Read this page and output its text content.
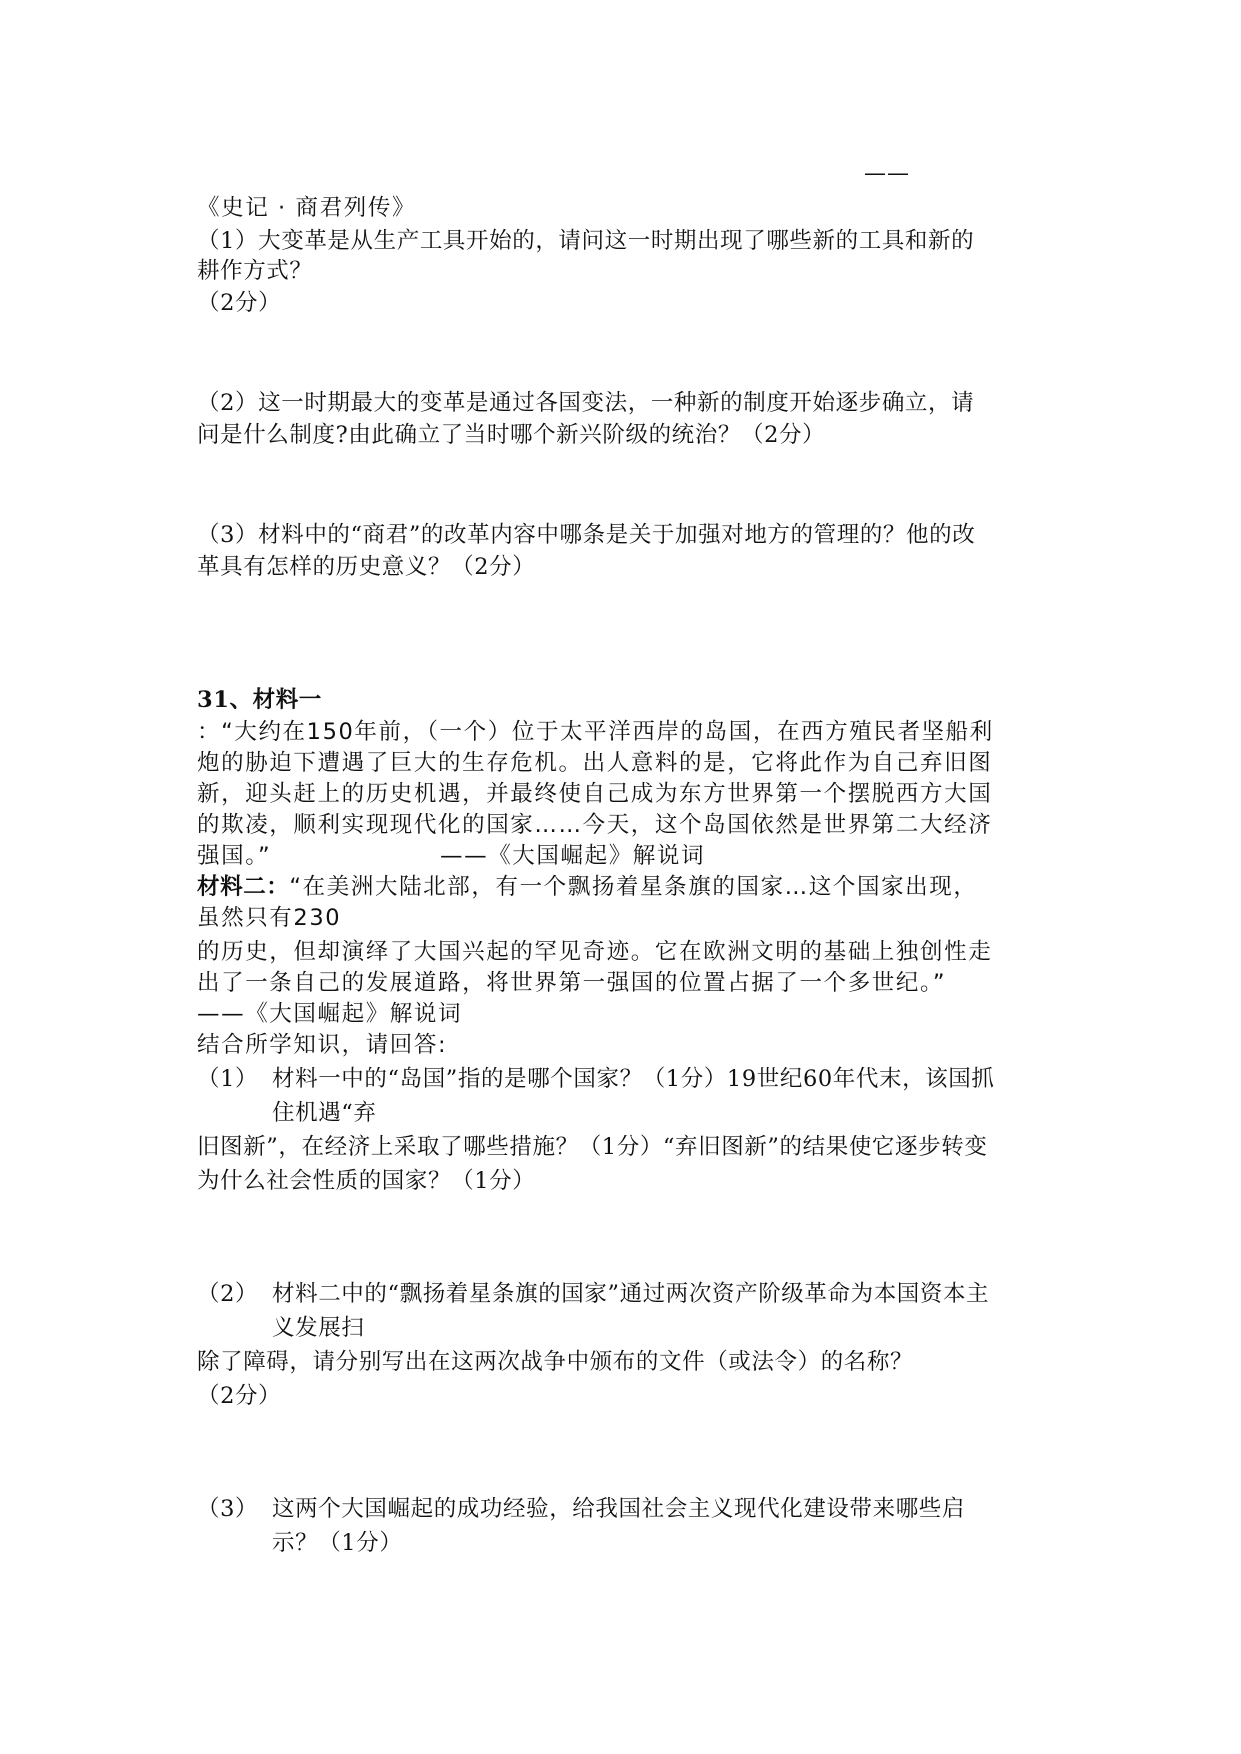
——
《史记 · 商君列传》
（1）大变革是从生产工具开始的，请问这一时期出现了哪些新的工具和新的
耕作方式？
（2分）
（2）这一时期最大的变革是通过各国变法，一种新的制度开始逐步确立，请
问是什么制度?由此确立了当时哪个新兴阶级的统治？（2分）
（3）材料中的“商君”的改革内容中哪条是关于加强对地方的管理的？他的改
革具有怎样的历史意义？（2分）
31、材料一
：“大约在150年前，（一个）位于太平洋西岸的岛国，在西方殖民者坚船利
炮的胁迫下遭遇了巨大的生存危机。出人意料的是，它将此作为自己弃旧图
新，迎头赶上的历史机遇，并最终使自己成为东方世界第一个摆脱西方大国
的欺凌，顺利实现现代化的国家……今天，这个岛国依然是世界第二大经济
强国。”	——《大国崛起》解说词
材料二：“在美洲大陆北部，有一个飘扬着星条旗的国家…这个国家出现，
虽然只有230
的历史，但却演绎了大国兴起的罕见奇迹。它在欧洲文明的基础上独创性走
出了一条自己的发展道路，将世界第一强国的位置占据了一个多世纪。”
——《大国崛起》解说词
结合所学知识，请回答:
（1） 材料一中的“岛国”指的是哪个国家？（1分）19世纪60年代末，该国抓
住机遇“弃
旧图新”，在经济上采取了哪些措施？（1分）“弃旧图新”的结果使它逐步转变
为什么社会性质的国家？（1分）
（2） 材料二中的“飘扬着星条旗的国家”通过两次资产阶级革命为本国资本主
义发展扫
除了障碍，请分别写出在这两次战争中颁布的文件（或法令）的名称？
（2分）
（3） 这两个大国崛起的成功经验，给我国社会主义现代化建设带来哪些启
示？（1分）
